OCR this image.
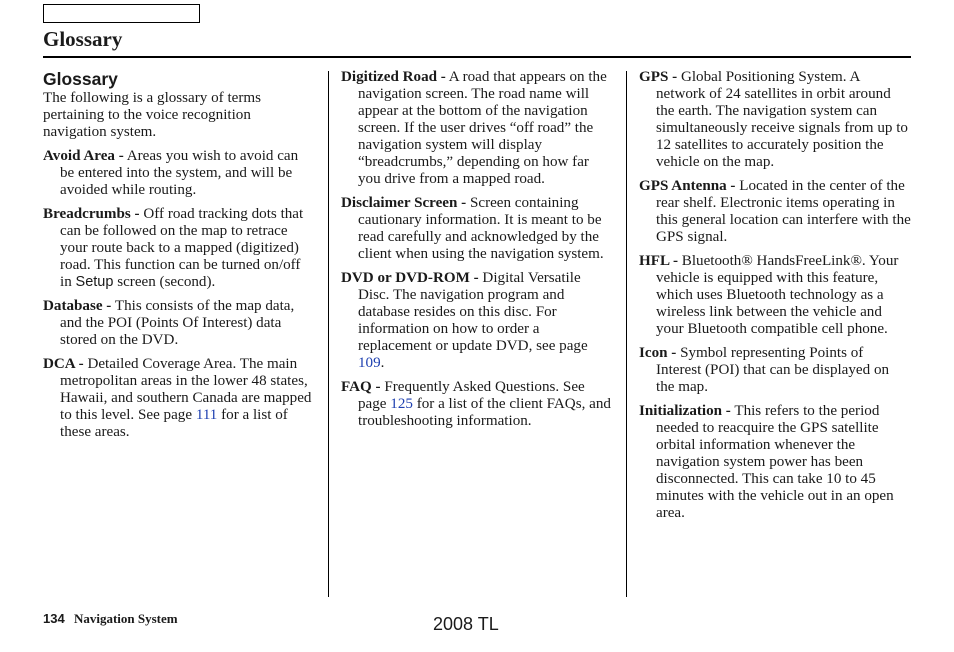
Glossary
Glossary
The following is a glossary of terms pertaining to the voice recognition navigation system.
Avoid Area - Areas you wish to avoid can be entered into the system, and will be avoided while routing.
Breadcrumbs - Off road tracking dots that can be followed on the map to retrace your route back to a mapped (digitized) road. This function can be turned on/off in Setup screen (second).
Database - This consists of the map data, and the POI (Points Of Interest) data stored on the DVD.
DCA - Detailed Coverage Area. The main metropolitan areas in the lower 48 states, Hawaii, and southern Canada are mapped to this level. See page 111 for a list of these areas.
Digitized Road - A road that appears on the navigation screen. The road name will appear at the bottom of the navigation screen. If the user drives “off road” the navigation system will display “breadcrumbs,” depending on how far you drive from a mapped road.
Disclaimer Screen - Screen containing cautionary information. It is meant to be read carefully and acknowledged by the client when using the navigation system.
DVD or DVD-ROM - Digital Versatile Disc. The navigation program and database resides on this disc. For information on how to order a replacement or update DVD, see page 109.
FAQ - Frequently Asked Questions. See page 125 for a list of the client FAQs, and troubleshooting information.
GPS - Global Positioning System. A network of 24 satellites in orbit around the earth. The navigation system can simultaneously receive signals from up to 12 satellites to accurately position the vehicle on the map.
GPS Antenna - Located in the center of the rear shelf. Electronic items operating in this general location can interfere with the GPS signal.
HFL - Bluetooth® HandsFreeLink®. Your vehicle is equipped with this feature, which uses Bluetooth technology as a wireless link between the vehicle and your Bluetooth compatible cell phone.
Icon - Symbol representing Points of Interest (POI) that can be displayed on the map.
Initialization - This refers to the period needed to reacquire the GPS satellite orbital information whenever the navigation system power has been disconnected. This can take 10 to 45 minutes with the vehicle out in an open area.
134 Navigation System	2008 TL
